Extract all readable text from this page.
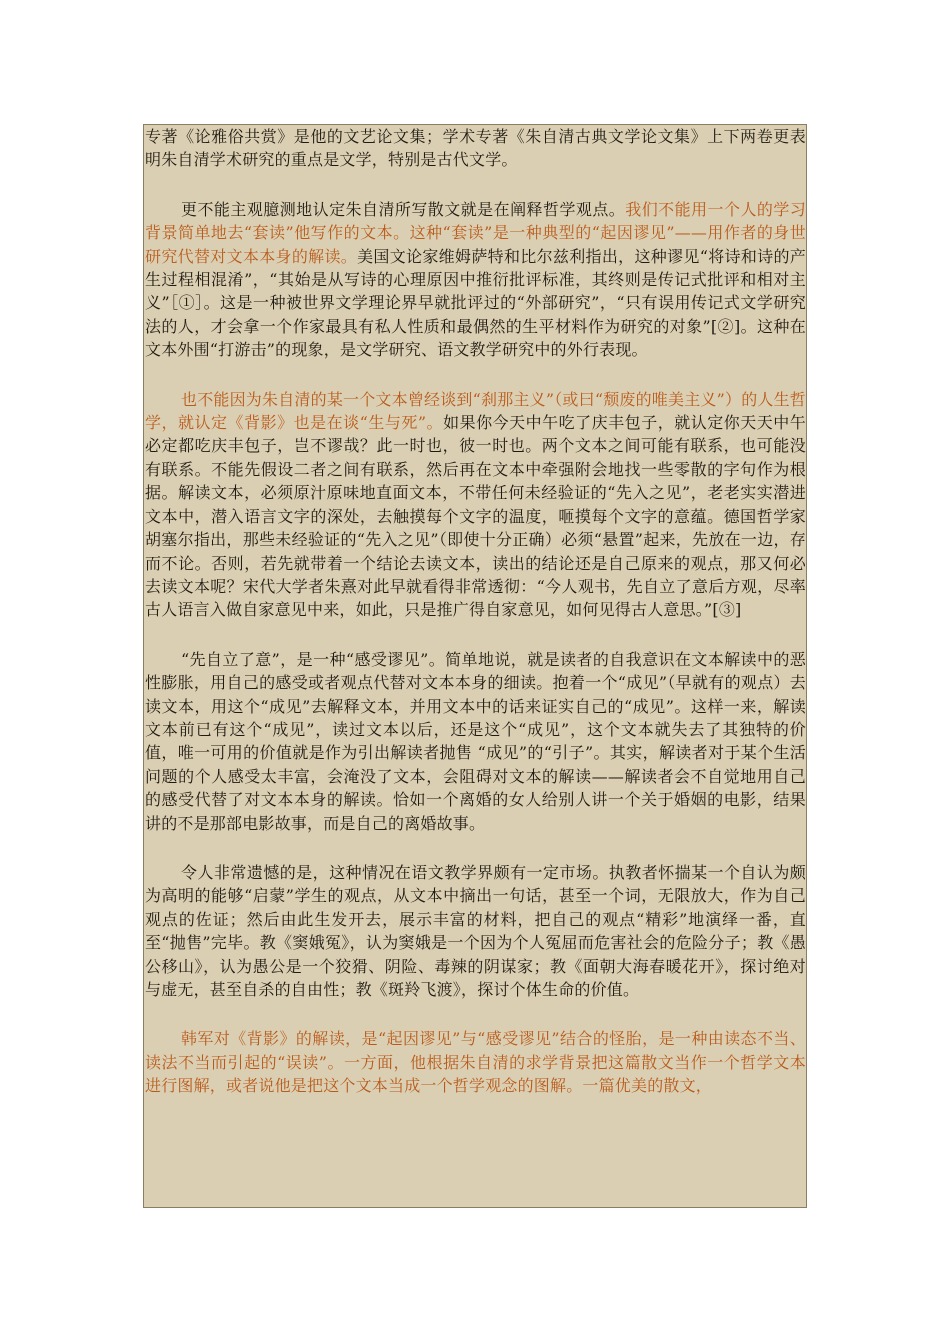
专著《论雅俗共赏》是他的文艺论文集；学术专著《朱自清古典文学论文集》上下两卷更表明朱自清学术研究的重点是文学，特别是古代文学。

更不能主观臆测地认定朱自清所写散文就是在阐释哲学观点。我们不能用一个人的学习背景简单地去“套读”他写作的文本。这种“套读”是一种典型的“起因谬见”——用作者的身世研究代替对文本本身的解读。美国文论家维姆萨特和比尔兹利指出，这种谬见“将诗和诗的产生过程相混淆”，“其始是从写诗的心理原因中推衍批评标准，其终则是传记式批评和相对主义”［①］。这是一种被世界文学理论界早就批评过的“外部研究”，“只有误用传记式文学研究法的人，才会拿一个作家最具有私人性质和最偶然的生平材料作为研究的对象”[②]。这种在文本外围“打游击”的现象，是文学研究、语文教学研究中的外行表现。

也不能因为朱自清的某一个文本曾经谈到“刹那主义”（或曰“颓废的唯美主义”）的人生哲学，就认定《背影》也是在谈“生与死”。如果你今天中午吃了庆丰包子，就认定你天天中午必定都吃庆丰包子，岂不谬哉？此一时也，彼一时也。两个文本之间可能有联系，也可能没有联系。不能先假设二者之间有联系，然后再在文本中牵强附会地找一些零散的字句作为根据。解读文本，必须原汁原味地直面文本，不带任何未经验证的“先入之见”，老老实实潜进文本中，潜入语言文字的深处，去触摸每个文字的温度，咂摸每个文字的意蕴。德国哲学家胡塞尔指出，那些未经验证的“先入之见”（即使十分正确）必须“悬置”起来，先放在一边，存而不论。否则，若先就带着一个结论去读文本，读出的结论还是自己原来的观点，那又何必去读文本呢？宋代大学者朱熹对此早就看得非常透彻：“今人观书，先自立了意后方观，尽率古人语言入做自家意见中来，如此，只是推广得自家意见，如何见得古人意思。”[③]

“先自立了意”，是一种“感受谬见”。简单地说，就是读者的自我意识在文本解读中的恶性膨胀，用自己的感受或者观点代替对文本本身的细读。抱着一个“成见”（早就有的观点）去读文本，用这个“成见”去解释文本，并用文本中的话来证实自己的“成见”。这样一来，解读文本前已有这个“成见”，读过文本以后，还是这个“成见”，这个文本就失去了其独特的价值，唯一可用的价值就是作为引出解读者抛售 “成见”的“引子”。其实，解读者对于某个生活问题的个人感受太丰富，会淹没了文本，会阻碍对文本的解读——解读者会不自觉地用自己的感受代替了对文本本身的解读。恰如一个离婚的女人给别人讲一个关于婚姻的电影，结果讲的不是那部电影故事，而是自己的离婚故事。

令人非常遗憾的是，这种情况在语文教学界颇有一定市场。执教者怀揣某一个自认为颇为高明的能够“启蒙”学生的观点，从文本中摘出一句话，甚至一个词，无限放大，作为自己观点的佐证；然后由此生发开去，展示丰富的材料，把自己的观点“精彩”地演绎一番，直至“抛售”完毕。教《窦娥冤》，认为窦娥是一个因为个人冤屈而危害社会的危险分子；教《愚公移山》，认为愚公是一个狡猾、阴险、毒辣的阴谋家；教《面朝大海春暖花开》，探讨绝对与虚无，甚至自杀的自由性；教《斑羚飞渡》，探讨个体生命的价值。

韩军对《背影》的解读，是“起因谬见”与“感受谬见”结合的怪胎，是一种由读态不当、读法不当而引起的“误读”。一方面，他根据朱自清的求学背景把这篇散文当作一个哲学文本进行图解，或者说他是把这个文本当成一个哲学观念的图解。一篇优美的散文，
